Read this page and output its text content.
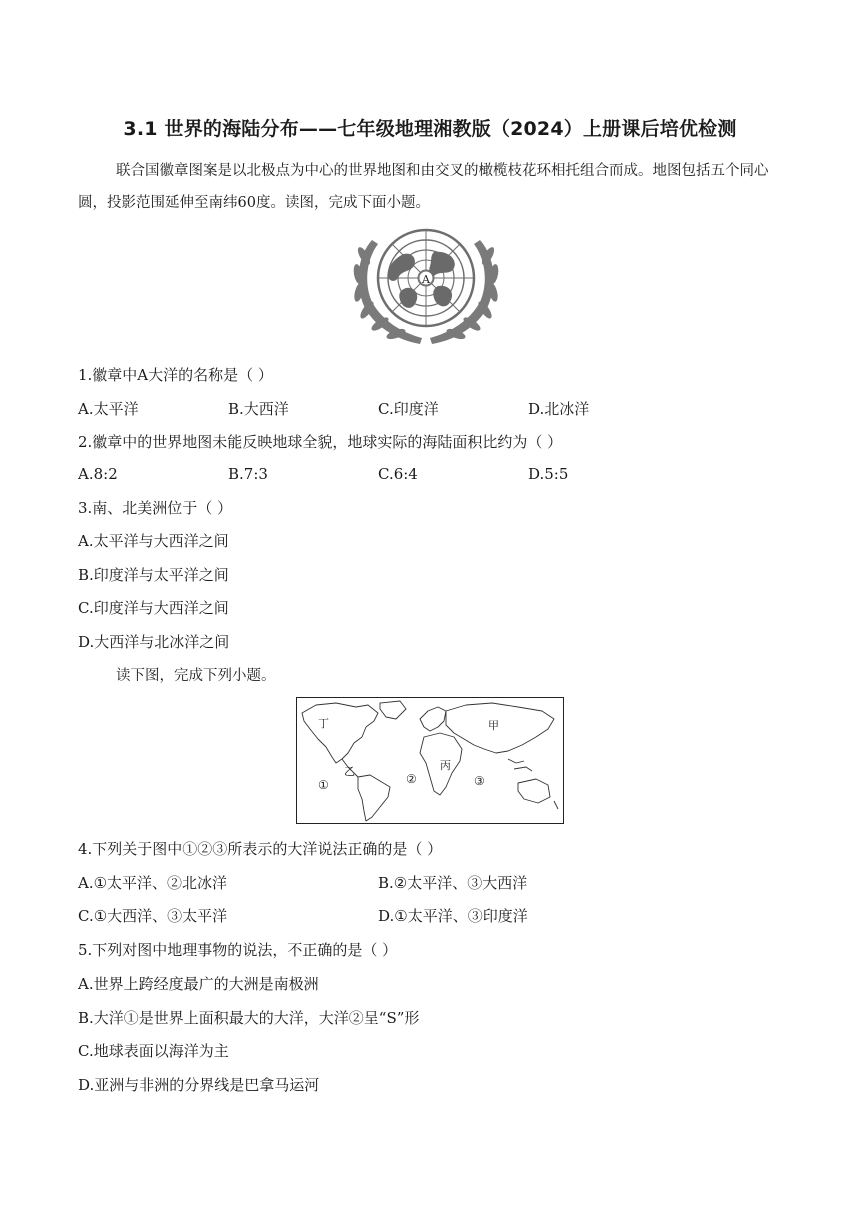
3.1 世界的海陆分布——七年级地理湘教版（2024）上册课后培优检测
联合国徽章图案是以北极点为中心的世界地图和由交叉的橄榄枝花环相托组合而成。地图包括五个同心圆，投影范围延伸至南纬60度。读图，完成下面小题。
A
1.徽章中A大洋的名称是（ ）
A.太平洋	B.大西洋	C.印度洋	D.北冰洋
2.徽章中的世界地图未能反映地球全貌，地球实际的海陆面积比约为（ ）
A.8:2	B.7:3	C.6:4	D.5:5
3.南、北美洲位于（ ）
A.太平洋与大西洋之间
B.印度洋与太平洋之间
C.印度洋与大西洋之间
D.大西洋与北冰洋之间
读下图，完成下列小题。
丁	甲
乙	丙
①	②	③
4.下列关于图中①②③所表示的大洋说法正确的是（ ）
A.①太平洋、②北冰洋	B.②太平洋、③大西洋
C.①大西洋、③太平洋	D.①太平洋、③印度洋
5.下列对图中地理事物的说法，不正确的是（ ）
A.世界上跨经度最广的大洲是南极洲
B.大洋①是世界上面积最大的大洋，大洋②呈“S”形
C.地球表面以海洋为主
D.亚洲与非洲的分界线是巴拿马运河
